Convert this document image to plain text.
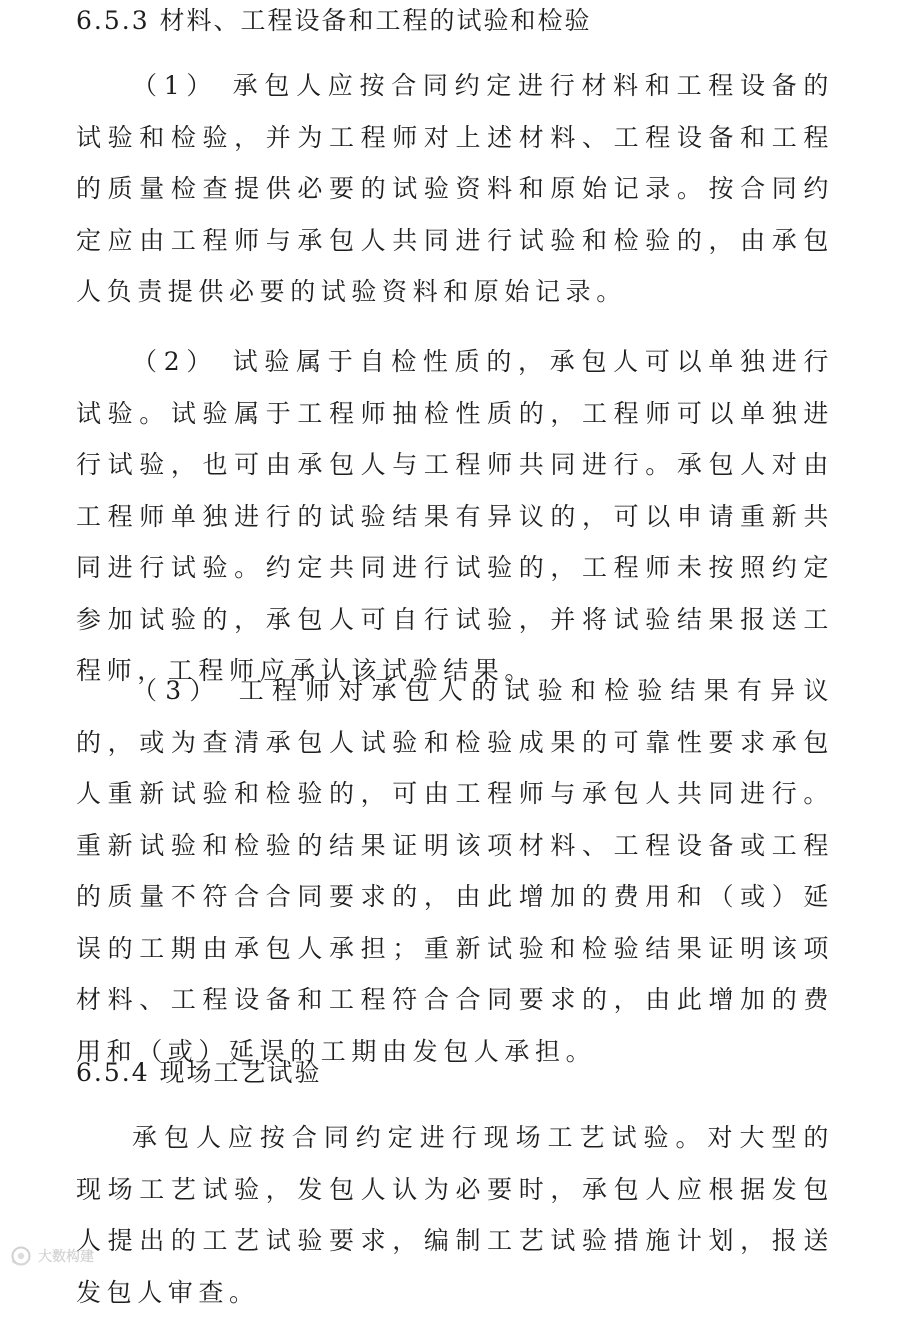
6.5.3 材料、工程设备和工程的试验和检验

（1） 承包人应按合同约定进行材料和工程设备的试验和检验，并为工程师对上述材料、工程设备和工程的质量检查提供必要的试验资料和原始记录。按合同约定应由工程师与承包人共同进行试验和检验的，由承包人负责提供必要的试验资料和原始记录。

（2） 试验属于自检性质的，承包人可以单独进行试验。试验属于工程师抽检性质的，工程师可以单独进行试验，也可由承包人与工程师共同进行。承包人对由工程师单独进行的试验结果有异议的，可以申请重新共同进行试验。约定共同进行试验的，工程师未按照约定参加试验的，承包人可自行试验，并将试验结果报送工程师，工程师应承认该试验结果。

（3） 工程师对承包人的试验和检验结果有异议的，或为查清承包人试验和检验成果的可靠性要求承包人重新试验和检验的，可由工程师与承包人共同进行。重新试验和检验的结果证明该项材料、工程设备或工程的质量不符合合同要求的，由此增加的费用和（或）延误的工期由承包人承担；重新试验和检验结果证明该项材料、工程设备和工程符合合同要求的，由此增加的费用和（或）延误的工期由发包人承担。

6.5.4 现场工艺试验

承包人应按合同约定进行现场工艺试验。对大型的现场工艺试验，发包人认为必要时，承包人应根据发包人提出的工艺试验要求，编制工艺试验措施计划，报送发包人审查。

大数构建
